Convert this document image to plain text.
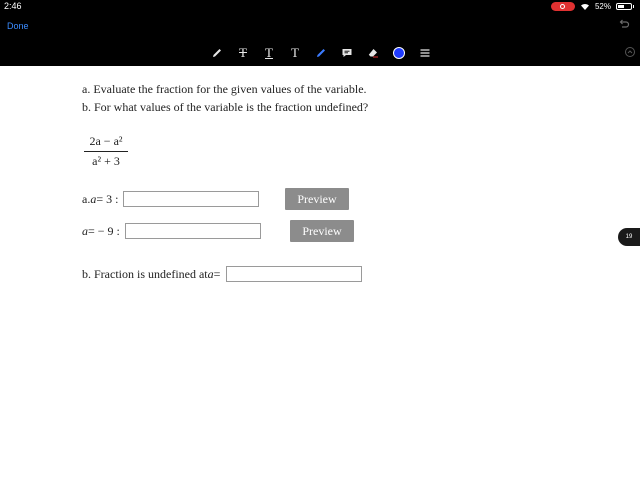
2:46	52%
Done
T T T
a. Evaluate the fraction for the given values of the variable.
b. For what values of the variable is the fraction undefined?
2a − a²
a² + 3
a. a = 3 :	Preview
a = − 9 :	Preview
b. Fraction is undefined at a =
19
